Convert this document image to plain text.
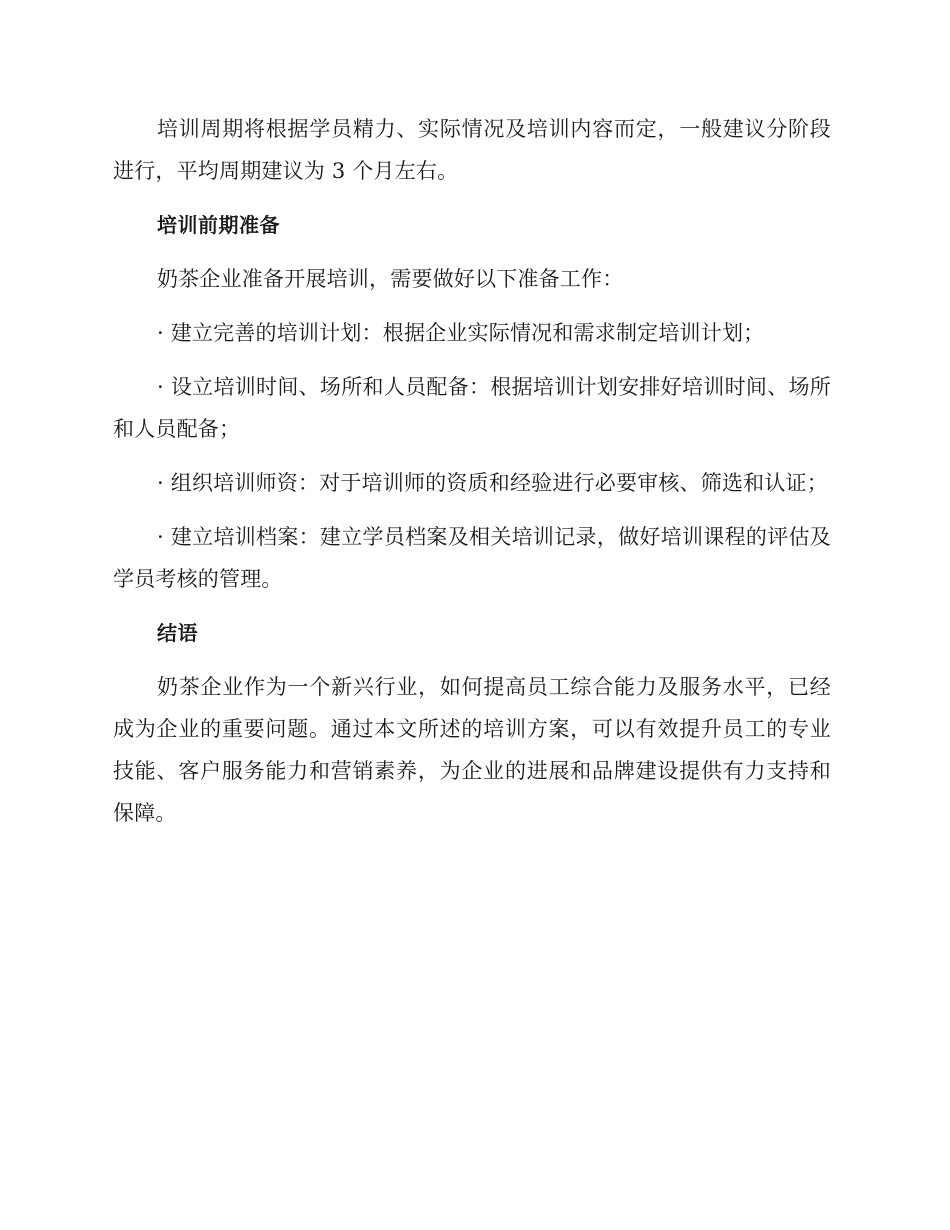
培训周期将根据学员精力、实际情况及培训内容而定，一般建议分阶段进行，平均周期建议为 3 个月左右。

培训前期准备

奶茶企业准备开展培训，需要做好以下准备工作：

· 建立完善的培训计划：根据企业实际情况和需求制定培训计划；

· 设立培训时间、场所和人员配备：根据培训计划安排好培训时间、场所和人员配备；

· 组织培训师资：对于培训师的资质和经验进行必要审核、筛选和认证；

· 建立培训档案：建立学员档案及相关培训记录，做好培训课程的评估及学员考核的管理。

结语

奶茶企业作为一个新兴行业，如何提高员工综合能力及服务水平，已经成为企业的重要问题。通过本文所述的培训方案，可以有效提升员工的专业技能、客户服务能力和营销素养，为企业的进展和品牌建设提供有力支持和保障。
